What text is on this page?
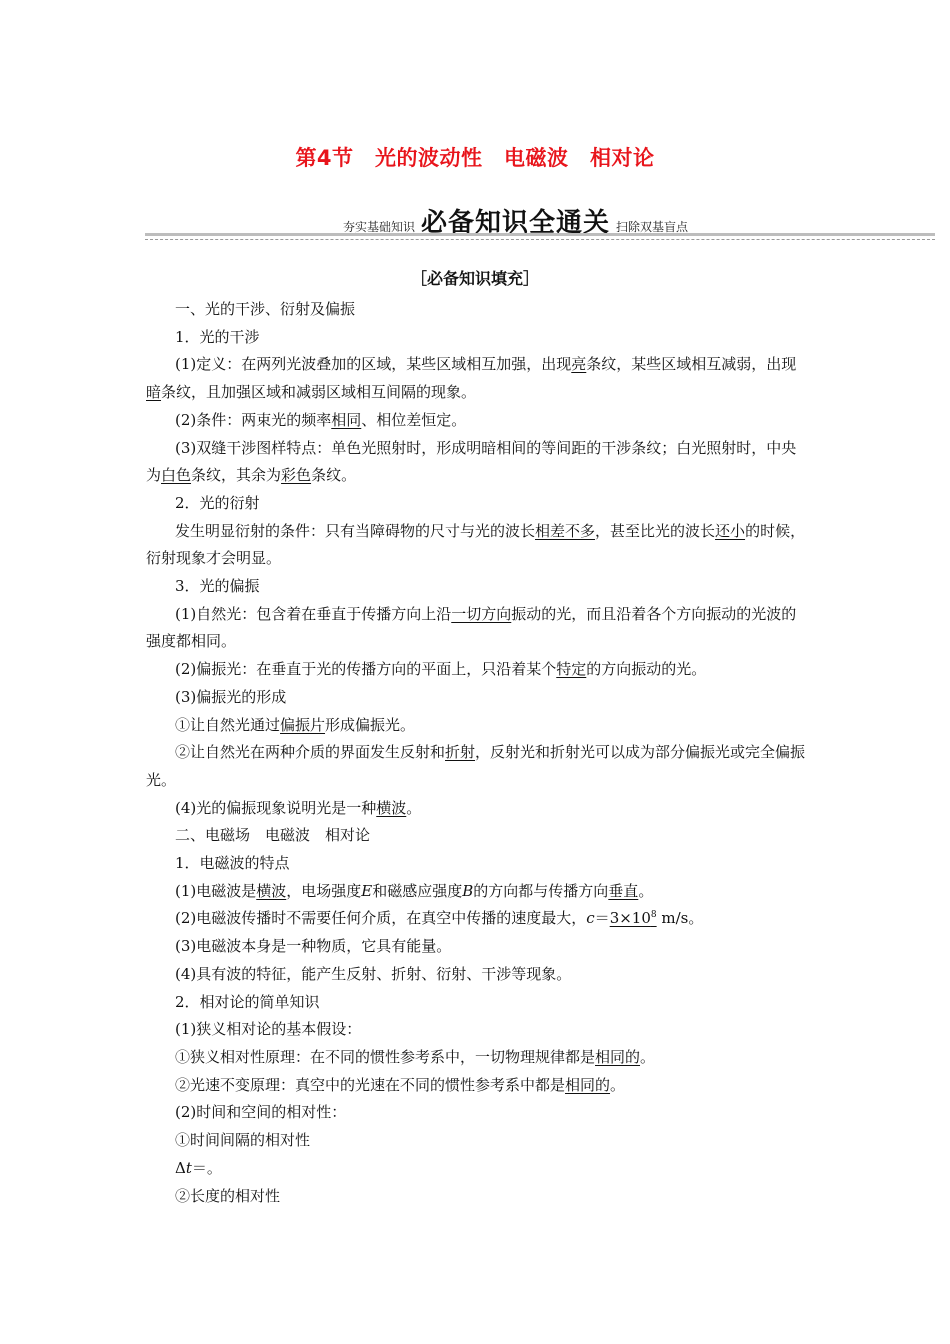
第4节　光的波动性　电磁波　相对论
夯实基础知识 必备知识全通关 扫除双基盲点
［必备知识填充］

一、光的干涉、衍射及偏振

1．光的干涉

(1)定义：在两列光波叠加的区域，某些区域相互加强，出现亮条纹，某些区域相互减弱，出现暗条纹，且加强区域和减弱区域相互间隔的现象。

(2)条件：两束光的频率相同、相位差恒定。

(3)双缝干涉图样特点：单色光照射时，形成明暗相间的等间距的干涉条纹；白光照射时，中央为白色条纹，其余为彩色条纹。

2．光的衍射

发生明显衍射的条件：只有当障碍物的尺寸与光的波长相差不多，甚至比光的波长还小的时候，衍射现象才会明显。

3．光的偏振

(1)自然光：包含着在垂直于传播方向上沿一切方向振动的光，而且沿着各个方向振动的光波的强度都相同。

(2)偏振光：在垂直于光的传播方向的平面上，只沿着某个特定的方向振动的光。

(3)偏振光的形成

①让自然光通过偏振片形成偏振光。

②让自然光在两种介质的界面发生反射和折射，反射光和折射光可以成为部分偏振光或完全偏振光。

(4)光的偏振现象说明光是一种横波。

二、电磁场　电磁波　相对论

1．电磁波的特点

(1)电磁波是横波，电场强度E和磁感应强度B的方向都与传播方向垂直。

(2)电磁波传播时不需要任何介质，在真空中传播的速度最大，$c=3\times 10^8$ m/s。

(3)电磁波本身是一种物质，它具有能量。

(4)具有波的特征，能产生反射、折射、衍射、干涉等现象。

2．相对论的简单知识

(1)狭义相对论的基本假设：

①狭义相对性原理：在不同的惯性参考系中，一切物理规律都是相同的。

②光速不变原理：真空中的光速在不同的惯性参考系中都是相同的。

(2)时间和空间的相对性：

①时间间隔的相对性

Δt＝。

②长度的相对性
